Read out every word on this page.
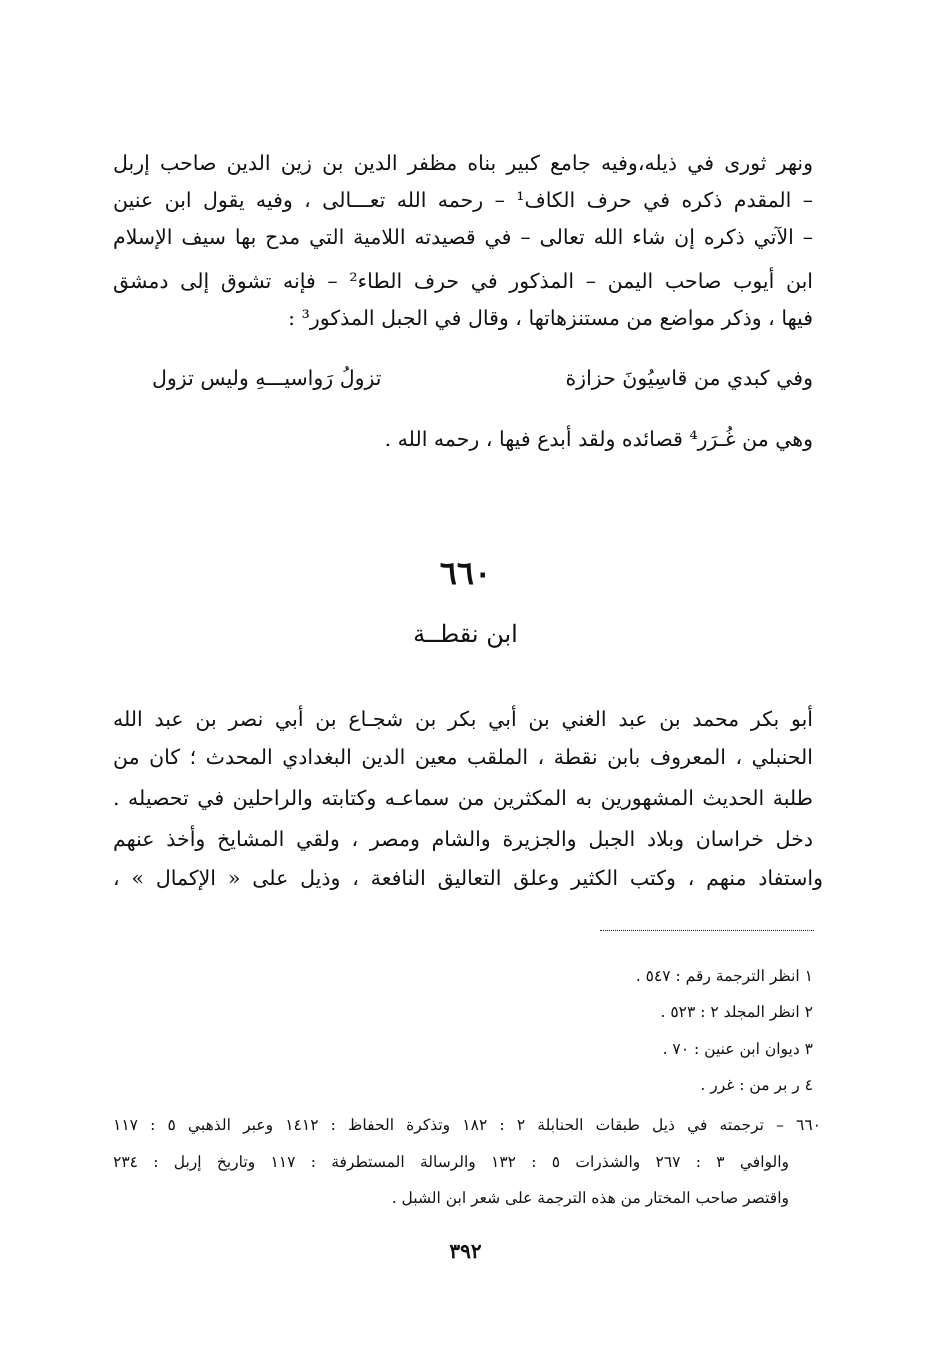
ونهر ثورى في ذيله،وفيه جامع كبير بناه مظفر الدين بن زين الدين صاحب إربل
– المقدم ذكره في حرف الكاف¹ – رحمه الله تعـــالى ، وفيه يقول ابن عنين
– الآتي ذكره إن شاء الله تعالى – في قصيدته اللامية التي مدح بها سيف الإسلام
ابن أيوب صاحب اليمن – المذكور في حرف الطاء² – فإنه تشوق إلى دمشق
فيها ، وذكر مواضع من مستنزهاتها ، وقال في الجبل المذكور³ :
وفي كبدي من قاسِيُونَ حزازة
تزولُ رَواسيـــهِ وليس تزول
وهي من غُـرَر⁴ قصائده ولقد أبدع فيها ، رحمه الله .
٦٦٠
ابن نقطــة
أبو بكر محمد بن عبد الغني بن أبي بكر بن شجـاع بن أبي نصر بن عبد الله
الحنبلي ، المعروف بابن نقطة ، الملقب معين الدين البغدادي المحدث ؛ كان من
طلبة الحديث المشهورين به المكثرين من سماعـه وكتابته والراحلين في تحصيله .
دخل خراسان وبلاد الجبل والجزيرة والشام ومصر ، ولقي المشايخ وأخذ عنهم
واستفاد منهم ، وكتب الكثير وعلق التعاليق النافعة ، وذيل على « الإكمال » ،
١ انظر الترجمة رقم : ٥٤٧ .
٢ انظر المجلد ٢ : ٥٢٣ .
٣ ديوان ابن عنين : ٧٠ .
٤ ر بر من : غرر .
٦٦٠ – ترجمته في ذيل طبقات الحنابلة ٢ : ١٨٢ وتذكرة الحفاظ : ١٤١٢ وعبر الذهبي ٥ : ١١٧
والوافي ٣ : ٢٦٧ والشذرات ٥ : ١٣٢ والرسالة المستطرفة : ١١٧ وتاريخ إربل : ٢٣٤
واقتصر صاحب المختار من هذه الترجمة على شعر ابن الشبل .
٣٩٢
